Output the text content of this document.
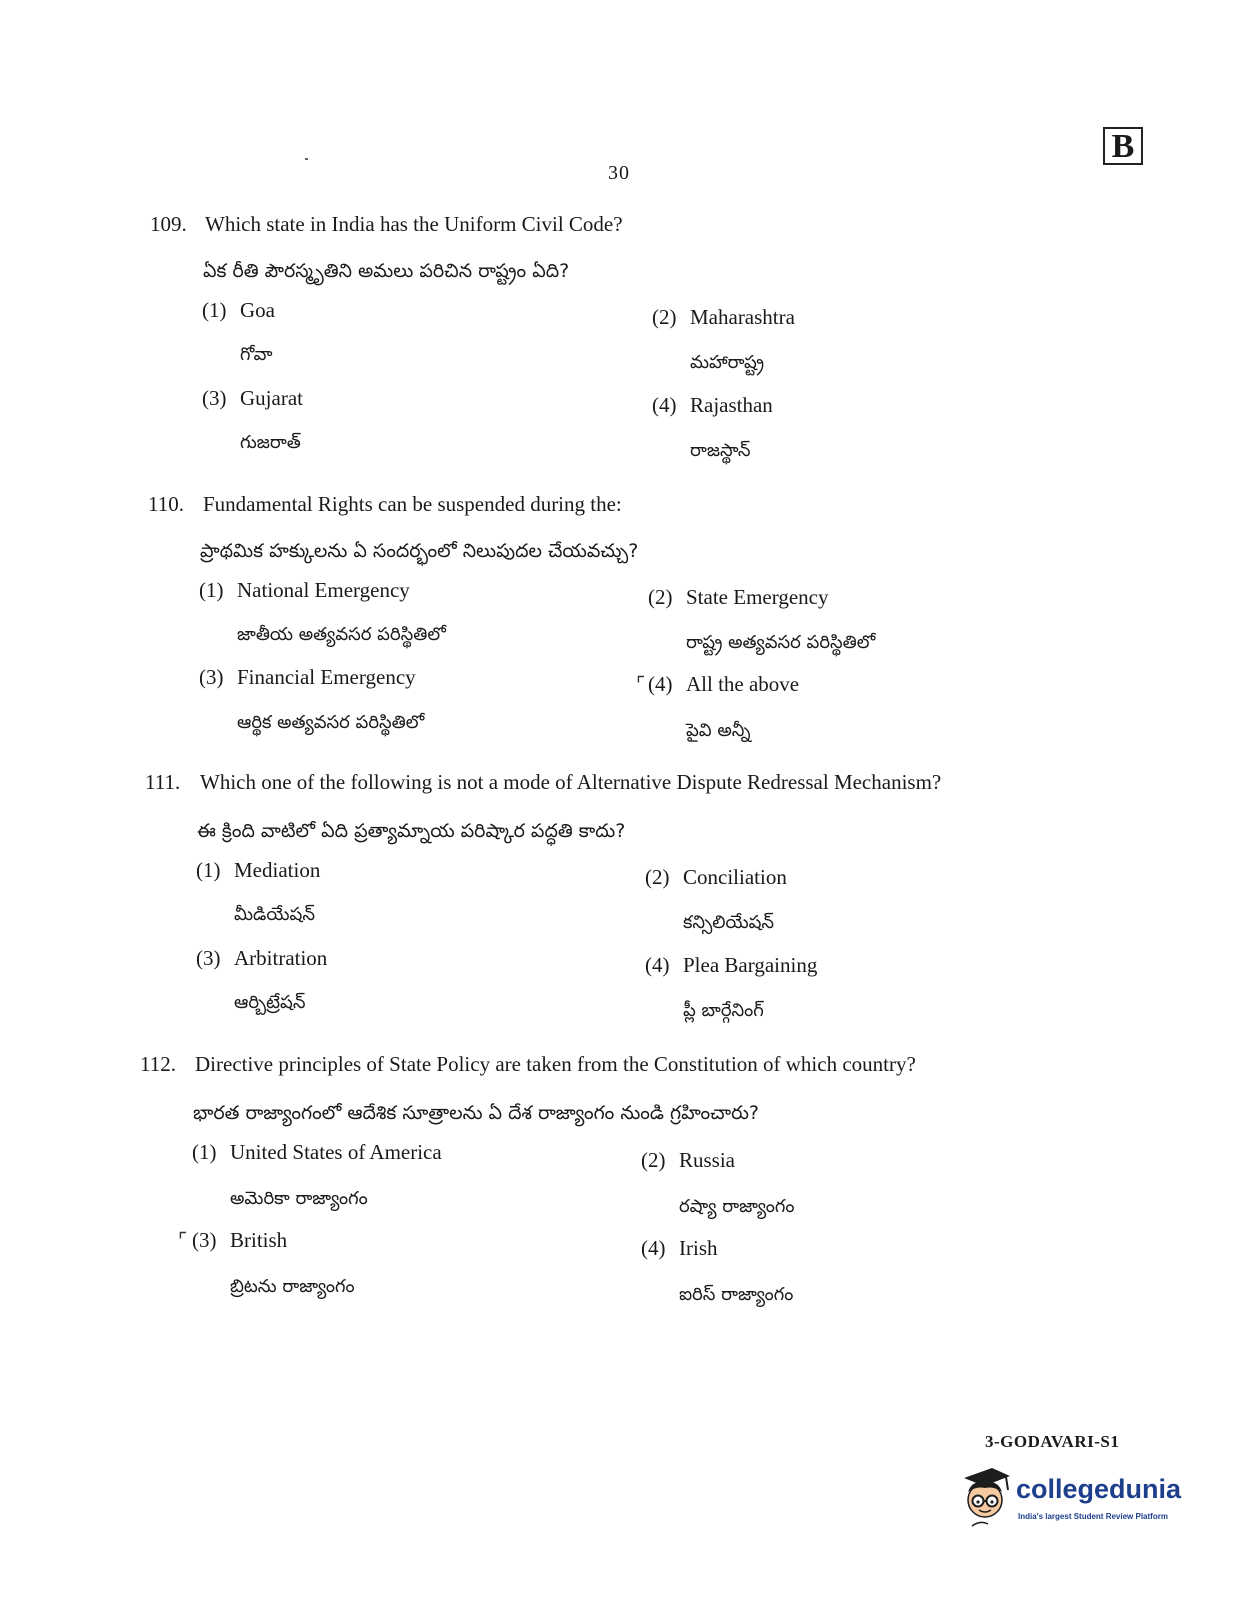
30
B
109. Which state in India has the Uniform Civil Code?
ఏక రీతి పౌరస్మృతిని అమలు పరిచిన రాష్ట్రం ఏది?
(1) Goa
గోవా
(2) Maharashtra
మహారాష్ట్ర
(3) Gujarat
గుజరాత్
(4) Rajasthan
రాజస్థాన్
110. Fundamental Rights can be suspended during the:
ప్రాథమిక హక్కులను ఏ సందర్భంలో నిలుపుదల చేయవచ్చు?
(1) National Emergency
జాతీయ అత్యవసర పరిస్థితిలో
(2) State Emergency
రాష్ట్ర అత్యవసర పరిస్థితిలో
(3) Financial Emergency
ఆర్థిక అత్యవసర పరిస్థితిలో
⌜ (4) All the above
పైవి అన్నీ
111. Which one of the following is not a mode of Alternative Dispute Redressal Mechanism?
ఈ క్రింది వాటిలో ఏది ప్రత్యామ్నాయ పరిష్కార పద్ధతి కాదు?
(1) Mediation
మీడియేషన్
(2) Conciliation
కన్సిలియేషన్
(3) Arbitration
ఆర్బిట్రేషన్
(4) Plea Bargaining
ప్లీ బార్గేనింగ్
112. Directive principles of State Policy are taken from the Constitution of which country?
భారత రాజ్యాంగంలో ఆదేశిక సూత్రాలను ఏ దేశ రాజ్యాంగం నుండి గ్రహించారు?
(1) United States of America
అమెరికా రాజ్యాంగం
(2) Russia
రష్యా రాజ్యాంగం
⌜ (3) British
బ్రిటను రాజ్యాంగం
(4) Irish
ఐరిస్ రాజ్యాంగం
3-GODAVARI-S1
collegedunia
India's largest Student Review Platform
